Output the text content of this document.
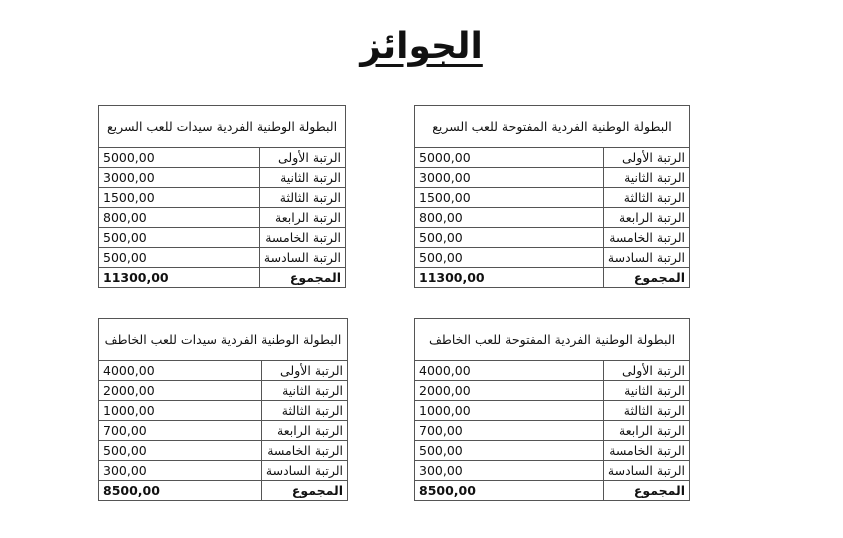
الجوائز
البطولة الوطنية الفردية المفتوحة للعب السريع	
الرتبة الأولى	5000,00
الرتبة الثانية	3000,00
الرتبة الثالثة	1500,00
الرتبة الرابعة	800,00
الرتبة الخامسة	500,00
الرتبة السادسة	500,00
المجموع	11300,00
البطولة الوطنية الفردية سيدات للعب السريع	
الرتبة الأولى	5000,00
الرتبة الثانية	3000,00
الرتبة الثالثة	1500,00
الرتبة الرابعة	800,00
الرتبة الخامسة	500,00
الرتبة السادسة	500,00
المجموع	11300,00
البطولة الوطنية الفردية المفتوحة للعب الخاطف	
الرتبة الأولى	4000,00
الرتبة الثانية	2000,00
الرتبة الثالثة	1000,00
الرتبة الرابعة	700,00
الرتبة الخامسة	500,00
الرتبة السادسة	300,00
المجموع	8500,00
البطولة الوطنية الفردية سيدات للعب الخاطف	
الرتبة الأولى	4000,00
الرتبة الثانية	2000,00
الرتبة الثالثة	1000,00
الرتبة الرابعة	700,00
الرتبة الخامسة	500,00
الرتبة السادسة	300,00
المجموع	8500,00
